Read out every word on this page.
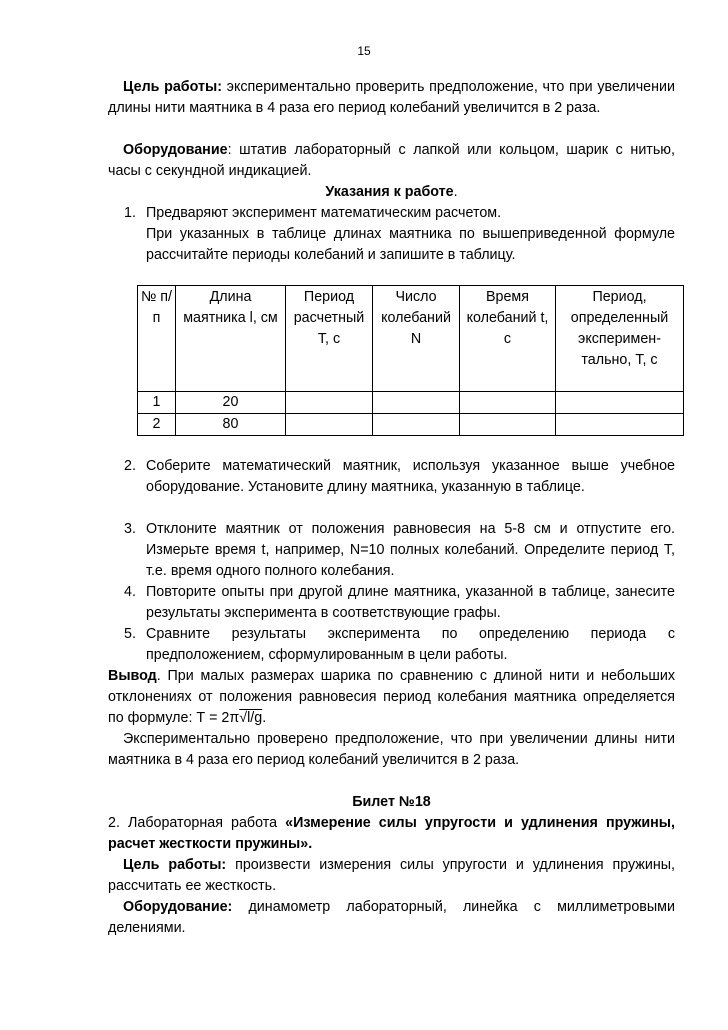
15
Цель работы: экспериментально проверить предположение, что при увеличении длины нити маятника в 4 раза его период колебаний увеличится в 2 раза.
Оборудование: штатив лабораторный с лапкой или кольцом, шарик с нитью, часы с секундной индикацией.
Указания к работе.
1. Предваряют эксперимент математическим расчетом.
При указанных в таблице длинах маятника по вышеприведенной формуле рассчитайте периоды колебаний и запишите в таблицу.
№ п/п	Длина маятника l, см	Период расчетный Т, с	Число колебаний N	Время колебаний t, с	Период, определенный эксперимен-тально, Т, с
1	20				
2	80				
2. Соберите математический маятник, используя указанное выше учебное оборудование. Установите длину маятника, указанную в таблице.
3. Отклоните маятник от положения равновесия на 5-8 см и отпустите его. Измерьте время t, например, N=10 полных колебаний. Определите период Т, т.е. время одного полного колебания.
4. Повторите опыты при другой длине маятника, указанной в таблице, занесите результаты эксперимента в соответствующие графы.
5. Сравните результаты эксперимента по определению периода с предположением, сформулированным в цели работы.
Вывод. При малых размерах шарика по сравнению с длиной нити и небольших отклонениях от положения равновесия период колебания маятника определяется по формуле: Т = 2π√l/g.
Экспериментально проверено предположение, что при увеличении длины нити маятника в 4 раза его период колебаний увеличится в 2 раза.
Билет №18
2. Лабораторная работа «Измерение силы упругости и удлинения пружины, расчет жесткости пружины».
Цель работы: произвести измерения силы упругости и удлинения пружины, рассчитать ее жесткость.
Оборудование: динамометр лабораторный, линейка с миллиметровыми делениями.
